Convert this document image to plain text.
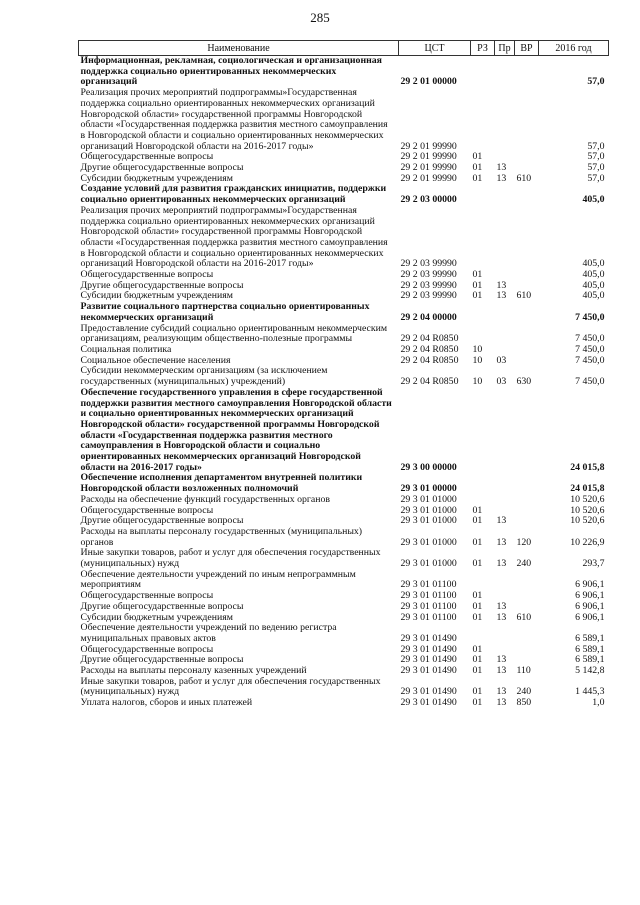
285
Наименование	ЦСТ	РЗ	Пр	ВР	2016 год
Информационная, рекламная, социологическая и организационная поддержка социально ориентированных некоммерческих организаций	29 2 01 00000				57,0
Реализация прочих мероприятий подпрограммы»Государственная поддержка социально ориентированных некоммерческих организаций Новгородской области» государственной программы Новгородской области «Государственная поддержка развития местного самоуправления в Новгородской области и социально ориентированных некоммерческих организаций Новгородской области на 2016-2017 годы»	29 2 01 99990				57,0
Общегосударственные вопросы	29 2 01 99990	01			57,0
Другие общегосударственные вопросы	29 2 01 99990	01	13		57,0
Субсидии бюджетным учреждениям	29 2 01 99990	01	13	610	57,0
Создание условий для развития гражданских инициатив, поддержки социально ориентированных некоммерческих организаций	29 2 03 00000				405,0
Реализация прочих мероприятий подпрограммы»Государственная поддержка социально ориентированных некоммерческих организаций Новгородской области» государственной программы Новгородской области «Государственная поддержка развития местного самоуправления в Новгородской области и социально ориентированных некоммерческих организаций Новгородской области на 2016-2017 годы»	29 2 03 99990				405,0
Общегосударственные вопросы	29 2 03 99990	01			405,0
Другие общегосударственные вопросы	29 2 03 99990	01	13		405,0
Субсидии бюджетным учреждениям	29 2 03 99990	01	13	610	405,0
Развитие социального партнерства социально ориентированных некоммерческих организаций	29 2 04 00000				7 450,0
Предоставление субсидий социально ориентированным некоммерческим организациям, реализующим общественно-полезные программы	29 2 04 R0850				7 450,0
Социальная политика	29 2 04 R0850	10			7 450,0
Социальное обеспечение населения	29 2 04 R0850	10	03		7 450,0
Субсидии некоммерческим организациям (за исключением государственных (муниципальных) учреждений)	29 2 04 R0850	10	03	630	7 450,0
Обеспечение государственного управления в сфере государственной поддержки развития местного самоуправления Новгородской области и социально ориентированных некоммерческих организаций Новгородской области» государственной программы Новгородской области «Государственная поддержка развития местного самоуправления в Новгородской области и социально ориентированных некоммерческих организаций Новгородской области на 2016-2017 годы»	29 3 00 00000				24 015,8
Обеспечение исполнения департаментом внутренней политики Новгородской области возложенных полномочий	29 3 01 00000				24 015,8
Расходы на обеспечение функций государственных органов	29 3 01 01000				10 520,6
Общегосударственные вопросы	29 3 01 01000	01			10 520,6
Другие общегосударственные вопросы	29 3 01 01000	01	13		10 520,6
Расходы на выплаты персоналу государственных (муниципальных) органов	29 3 01 01000	01	13	120	10 226,9
Иные закупки товаров, работ и услуг для обеспечения государственных (муниципальных) нужд	29 3 01 01000	01	13	240	293,7
Обеспечение деятельности учреждений по иным непрограммным мероприятиям	29 3 01 01100				6 906,1
Общегосударственные вопросы	29 3 01 01100	01			6 906,1
Другие общегосударственные вопросы	29 3 01 01100	01	13		6 906,1
Субсидии бюджетным учреждениям	29 3 01 01100	01	13	610	6 906,1
Обеспечение деятельности учреждений по ведению регистра муниципальных правовых актов	29 3 01 01490				6 589,1
Общегосударственные вопросы	29 3 01 01490	01			6 589,1
Другие общегосударственные вопросы	29 3 01 01490	01	13		6 589,1
Расходы на выплаты персоналу казенных учреждений	29 3 01 01490	01	13	110	5 142,8
Иные закупки товаров, работ и услуг для обеспечения государственных (муниципальных) нужд	29 3 01 01490	01	13	240	1 445,3
Уплата налогов, сборов и иных платежей	29 3 01 01490	01	13	850	1,0
